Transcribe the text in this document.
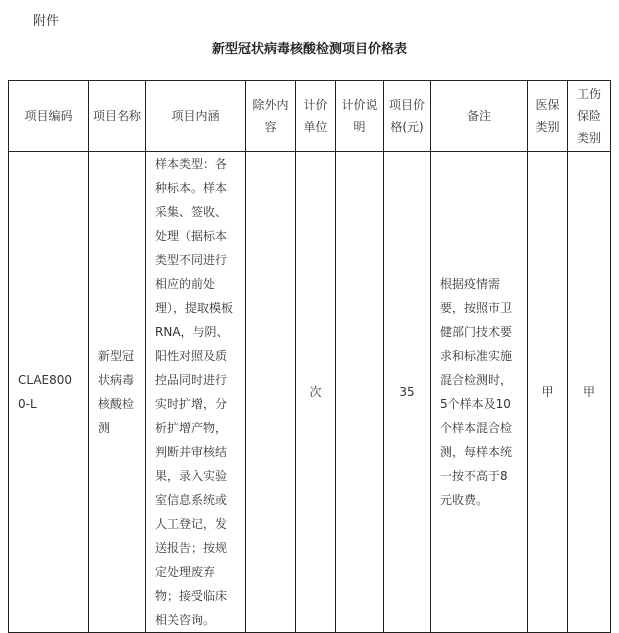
附件
新型冠状病毒核酸检测项目价格表
项目编码	项目名称	项目内涵	除外内容	计价单位	计价说明	项目价格(元)	备注	医保类别	工伤保险类别
CLAE8000-L	新型冠状病毒核酸检测	样本类型：各种标本。样本采集、签收、处理（据标本类型不同进行相应的前处理），提取模板RNA，与阴、阳性对照及质控品同时进行实时扩增，分析扩增产物，判断并审核结果，录入实验室信息系统或人工登记，发送报告；按规定处理废弃物；接受临床相关咨询。		次		35	根据疫情需要，按照市卫健部门技术要求和标准实施混合检测时，5个样本及10个样本混合检测，每样本统一按不高于8元收费。	甲	甲
